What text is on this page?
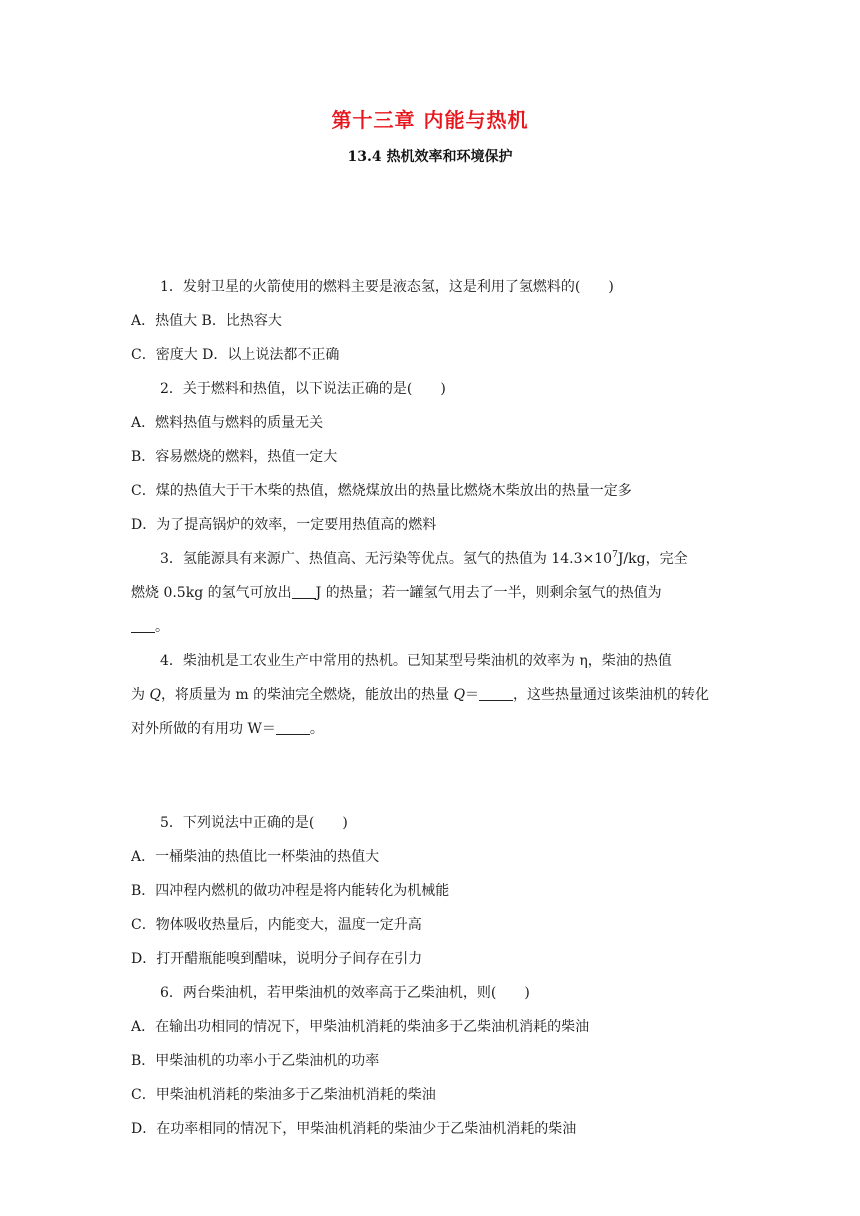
第十三章 内能与热机
13.4 热机效率和环境保护
1．发射卫星的火箭使用的燃料主要是液态氢，这是利用了氢燃料的(　　)
A．热值大 B．比热容大
C．密度大 D．以上说法都不正确
2．关于燃料和热值，以下说法正确的是(　　)
A．燃料热值与燃料的质量无关
B．容易燃烧的燃料，热值一定大
C．煤的热值大于干木柴的热值，燃烧煤放出的热量比燃烧木柴放出的热量一定多
D．为了提高锅炉的效率，一定要用热值高的燃料
3．氢能源具有来源广、热值高、无污染等优点。氢气的热值为 $14.3\times 10^7J/kg$，完全
燃烧 0.5kg 的氢气可放出 J 的热量；若一罐氢气用去了一半，则剩余氢气的热值为
。
4．柴油机是工农业生产中常用的热机。已知某型号柴油机的效率为 η，柴油的热值
为 Q，将质量为 m 的柴油完全燃烧，能放出的热量 Q＝ ，这些热量通过该柴油机的转化
对外所做的有用功 W＝ 。
5．下列说法中正确的是(　　)
A．一桶柴油的热值比一杯柴油的热值大
B．四冲程内燃机的做功冲程是将内能转化为机械能
C．物体吸收热量后，内能变大，温度一定升高
D．打开醋瓶能嗅到醋味，说明分子间存在引力
6．两台柴油机，若甲柴油机的效率高于乙柴油机，则(　　)
A．在输出功相同的情况下，甲柴油机消耗的柴油多于乙柴油机消耗的柴油
B．甲柴油机的功率小于乙柴油机的功率
C．甲柴油机消耗的柴油多于乙柴油机消耗的柴油
D．在功率相同的情况下，甲柴油机消耗的柴油少于乙柴油机消耗的柴油
